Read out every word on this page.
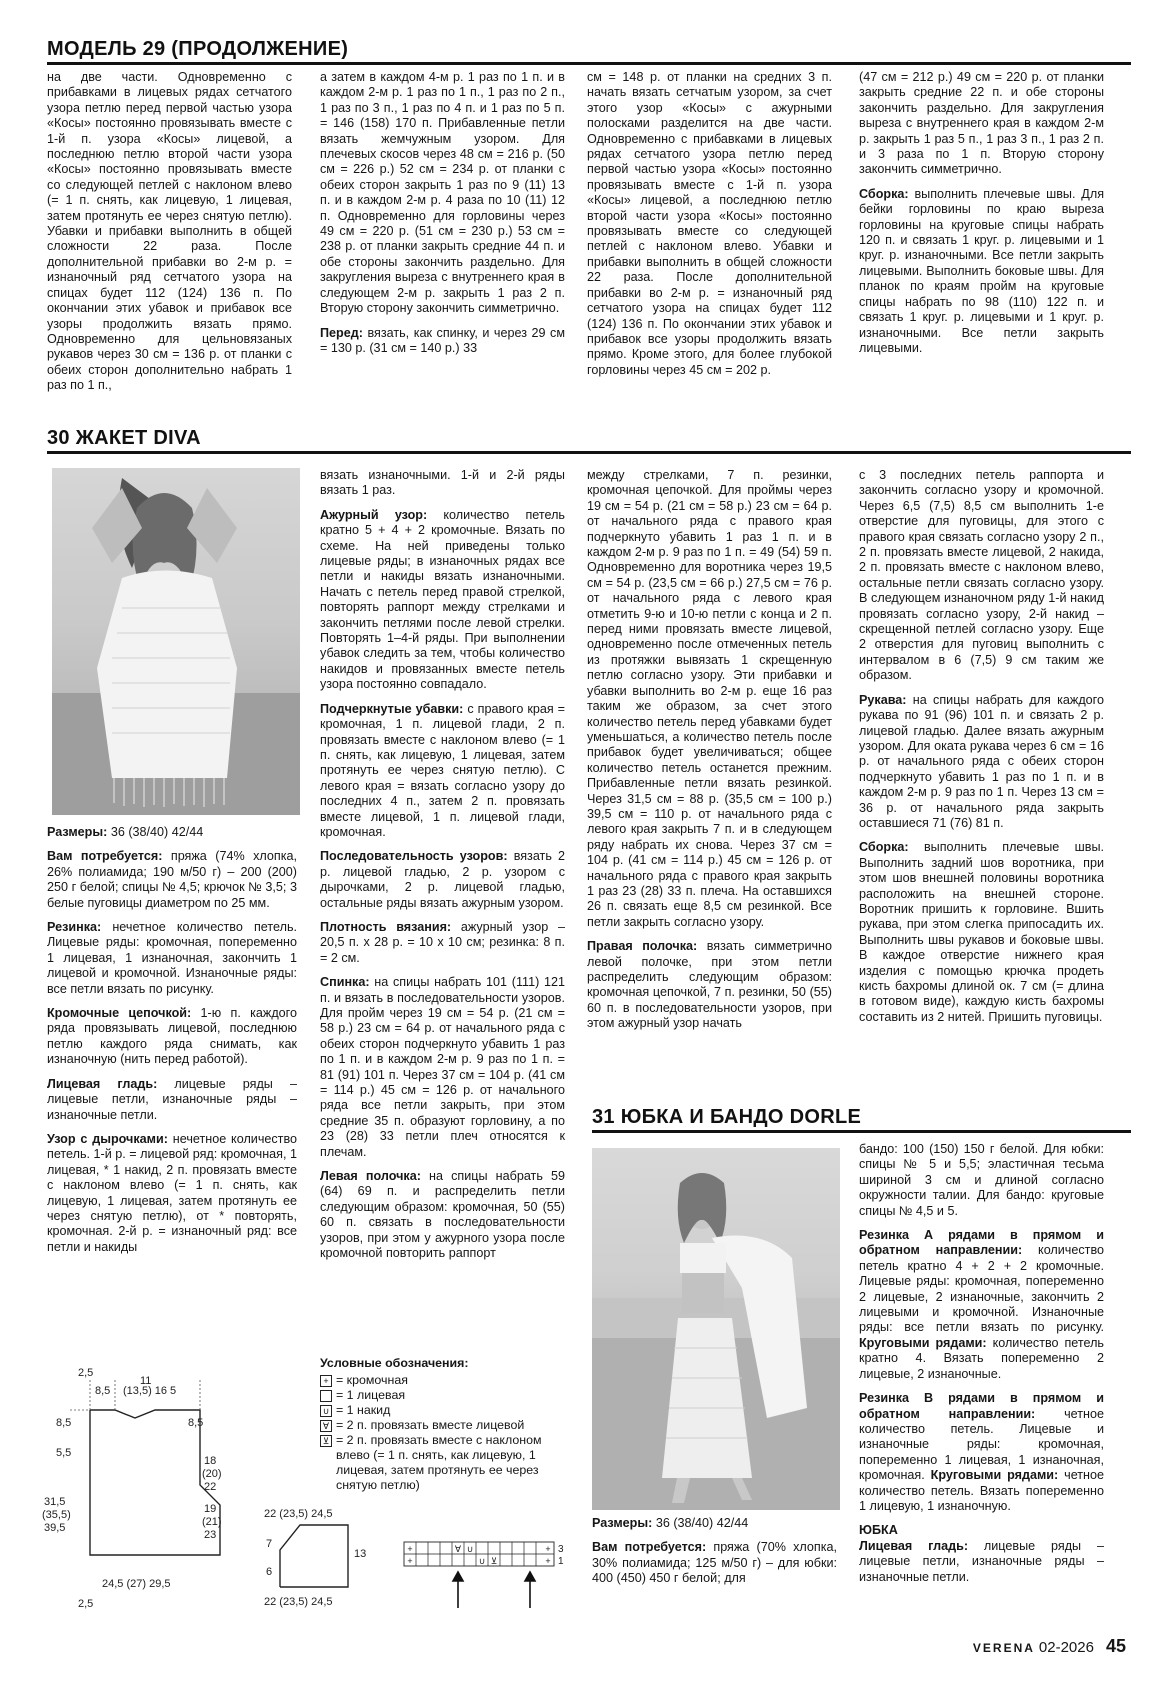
МОДЕЛЬ 29 (ПРОДОЛЖЕНИЕ)

на две части. Одновременно с прибавками в лицевых рядах сетчатого узора петлю перед первой частью узора «Косы» постоянно провязывать вместе с 1-й п. узора «Косы» лицевой, а последнюю петлю второй части узора «Косы» постоянно провязывать вместе со следующей петлей с наклоном влево (= 1 п. снять, как лицевую, 1 лицевая, затем протянуть ее через снятую петлю). Убавки и прибавки выполнить в общей сложности 22 раза. После дополнительной прибавки во 2-м р. = изнаночный ряд сетчатого узора на спицах будет 112 (124) 136 п. По окончании этих убавок и прибавок все узоры продолжить вязать прямо. Одновременно для цельновязаных рукавов через 30 см = 136 р. от планки с обеих сторон дополнительно набрать 1 раз по 1 п.,

а затем в каждом 4-м р. 1 раз по 1 п. и в каждом 2-м р. 1 раз по 1 п., 1 раз по 2 п., 1 раз по 3 п., 1 раз по 4 п. и 1 раз по 5 п. = 146 (158) 170 п. Прибавленные петли вязать жемчужным узором. Для плечевых скосов через 48 см = 216 р. (50 см = 226 р.) 52 см = 234 р. от планки с обеих сторон закрыть 1 раз по 9 (11) 13 п. и в каждом 2-м р. 4 раза по 10 (11) 12 п. Одновременно для горловины через 49 см = 220 р. (51 см = 230 р.) 53 см = 238 р. от планки закрыть средние 44 п. и обе стороны закончить раздельно. Для закругления выреза с внутреннего края в следующем 2-м р. закрыть 1 раз 2 п. Вторую сторону закончить симметрично.

Перед: вязать, как спинку, и через 29 см = 130 р. (31 см = 140 р.) 33

см = 148 р. от планки на средних 3 п. начать вязать сетчатым узором, за счет этого узор «Косы» с ажурными полосками разделится на две части. Одновременно с прибавками в лицевых рядах сетчатого узора петлю перед первой частью узора «Косы» постоянно провязывать вместе с 1-й п. узора «Косы» лицевой, а последнюю петлю второй части узора «Косы» постоянно провязывать вместе со следующей петлей с наклоном влево. Убавки и прибавки выполнить в общей сложности 22 раза. После дополнительной прибавки во 2-м р. = изнаночный ряд сетчатого узора на спицах будет 112 (124) 136 п. По окончании этих убавок и прибавок все узоры продолжить вязать прямо. Кроме этого, для более глубокой горловины через 45 см = 202 р.

(47 см = 212 р.) 49 см = 220 р. от планки закрыть средние 22 п. и обе стороны закончить раздельно. Для закругления выреза с внутреннего края в каждом 2-м р. закрыть 1 раз 5 п., 1 раз 3 п., 1 раз 2 п. и 3 раза по 1 п. Вторую сторону закончить симметрично.

Сборка: выполнить плечевые швы. Для бейки горловины по краю выреза горловины на круговые спицы набрать 120 п. и связать 1 круг. р. лицевыми и 1 круг. р. изнаночными. Все петли закрыть лицевыми. Выполнить боковые швы. Для планок по краям пройм на круговые спицы набрать по 98 (110) 122 п. и связать 1 круг. р. лицевыми и 1 круг. р. изнаночными. Все петли закрыть лицевыми.

30 ЖАКЕТ DIVA

Размеры: 36 (38/40) 42/44

Вам потребуется: пряжа (74% хлопка, 26% полиамида; 190 м/50 г) – 200 (200) 250 г белой; спицы № 4,5; крючок № 3,5; 3 белые пуговицы диаметром по 25 мм.

Резинка: нечетное количество петель. Лицевые ряды: кромочная, попеременно 1 лицевая, 1 изнаночная, закончить 1 лицевой и кромочной. Изнаночные ряды: все петли вязать по рисунку.

Кромочные цепочкой: 1-ю п. каждого ряда провязывать лицевой, последнюю петлю каждого ряда снимать, как изнаночную (нить перед работой).

Лицевая гладь: лицевые ряды – лицевые петли, изнаночные ряды – изнаночные петли.

Узор с дырочками: нечетное количество петель. 1-й р. = лицевой ряд: кромочная, 1 лицевая, * 1 накид, 2 п. провязать вместе с наклоном влево (= 1 п. снять, как лицевую, 1 лицевая, затем протянуть ее через снятую петлю), от * повторять, кромочная. 2-й р. = изнаночный ряд: все петли и накиды

вязать изнаночными. 1-й и 2-й ряды вязать 1 раз.

Ажурный узор: количество петель кратно 5 + 4 + 2 кромочные. Вязать по схеме. На ней приведены только лицевые ряды; в изнаночных рядах все петли и накиды вязать изнаночными. Начать с петель перед правой стрелкой, повторять раппорт между стрелками и закончить петлями после левой стрелки. Повторять 1–4-й ряды. При выполнении убавок следить за тем, чтобы количество накидов и провязанных вместе петель узора постоянно совпадало.

Подчеркнутые убавки: с правого края = кромочная, 1 п. лицевой глади, 2 п. провязать вместе с наклоном влево (= 1 п. снять, как лицевую, 1 лицевая, затем протянуть ее через снятую петлю). С левого края = вязать согласно узору до последних 4 п., затем 2 п. провязать вместе лицевой, 1 п. лицевой глади, кромочная.

Последовательность узоров: вязать 2 р. лицевой гладью, 2 р. узором с дырочками, 2 р. лицевой гладью, остальные ряды вязать ажурным узором.

Плотность вязания: ажурный узор – 20,5 п. х 28 р. = 10 х 10 см; резинка: 8 п. = 2 см.

Спинка: на спицы набрать 101 (111) 121 п. и вязать в последовательности узоров. Для пройм через 19 см = 54 р. (21 см = 58 р.) 23 см = 64 р. от начального ряда с обеих сторон подчеркнуто убавить 1 раз по 1 п. и в каждом 2-м р. 9 раз по 1 п. = 81 (91) 101 п. Через 37 см = 104 р. (41 см = 114 р.) 45 см = 126 р. от начального ряда все петли закрыть, при этом средние 35 п. образуют горловину, а по 23 (28) 33 петли плеч относятся к плечам.

Левая полочка: на спицы набрать 59 (64) 69 п. и распределить петли следующим образом: кромочная, 50 (55) 60 п. связать в последовательности узоров, при этом у ажурного узора после кромочной повторить раппорт

между стрелками, 7 п. резинки, кромочная цепочкой. Для проймы через 19 см = 54 р. (21 см = 58 р.) 23 см = 64 р. от начального ряда с правого края подчеркнуто убавить 1 раз 1 п. и в каждом 2-м р. 9 раз по 1 п. = 49 (54) 59 п. Одновременно для воротника через 19,5 см = 54 р. (23,5 см = 66 р.) 27,5 см = 76 р. от начального ряда с левого края отметить 9-ю и 10-ю петли с конца и 2 п. перед ними провязать вместе лицевой, одновременно после отмеченных петель из протяжки вывязать 1 скрещенную петлю согласно узору. Эти прибавки и убавки выполнить во 2-м р. еще 16 раз таким же образом, за счет этого количество петель перед убавками будет уменьшаться, а количество петель после прибавок будет увеличиваться; общее количество петель останется прежним. Прибавленные петли вязать резинкой. Через 31,5 см = 88 р. (35,5 см = 100 р.) 39,5 см = 110 р. от начального ряда с левого края закрыть 7 п. и в следующем ряду набрать их снова. Через 37 см = 104 р. (41 см = 114 р.) 45 см = 126 р. от начального ряда с правого края закрыть 1 раз 23 (28) 33 п. плеча. На оставшихся 26 п. связать еще 8,5 см резинкой. Все петли закрыть согласно узору.

Правая полочка: вязать симметрично левой полочке, при этом петли распределить следующим образом: кромочная цепочкой, 7 п. резинки, 50 (55) 60 п. в последовательности узоров, при этом ажурный узор начать

с 3 последних петель раппорта и закончить согласно узору и кромочной. Через 6,5 (7,5) 8,5 см выполнить 1-е отверстие для пуговицы, для этого с правого края связать согласно узору 2 п., 2 п. провязать вместе лицевой, 2 накида, 2 п. провязать вместе с наклоном влево, остальные петли связать согласно узору. В следующем изнаночном ряду 1-й накид провязать согласно узору, 2-й накид – скрещенной петлей согласно узору. Еще 2 отверстия для пуговиц выполнить с интервалом в 6 (7,5) 9 см таким же образом.

Рукава: на спицы набрать для каждого рукава по 91 (96) 101 п. и связать 2 р. лицевой гладью. Далее вязать ажурным узором. Для оката рукава через 6 см = 16 р. от начального ряда с обеих сторон подчеркнуто убавить 1 раз по 1 п. и в каждом 2-м р. 9 раз по 1 п. Через 13 см = 36 р. от начального ряда закрыть оставшиеся 71 (76) 81 п.

Сборка: выполнить плечевые швы. Выполнить задний шов воротника, при этом шов внешней половины воротника расположить на внешней стороне. Воротник пришить к горловине. Вшить рукава, при этом слегка припосадить их. Выполнить швы рукавов и боковые швы. В каждое отверстие нижнего края изделия с помощью крючка продеть кисть бахромы длиной ок. 7 см (= длина в готовом виде), каждую кисть бахромы составить из 2 нитей. Пришить пуговицы.

Условные обозначения:
+ = кромочная
= 1 лицевая
∪ = 1 накид
∀ = 2 п. провязать вместе лицевой
⊻ = 2 п. провязать вместе с наклоном влево (= 1 п. снять, как лицевую, 1 лицевая, затем протянуть ее через снятую петлю)
2,5
8,5
11
(13,5) 16 5
8,5	8,5
5,5
18
(20)
22
31,5
(35,5)
39,5
19
(21)
23
24,5 (27) 29,5
2,5
22 (23,5) 24,5
7
6
13
22 (23,5) 24,5
+
+
+
+
∀ ∪
∪ ⊻
3
1
31 ЮБКА И БАНДО DORLE

Размеры: 36 (38/40) 42/44

Вам потребуется: пряжа (70% хлопка, 30% полиамида; 125 м/50 г) – для юбки: 400 (450) 450 г белой; для

бандо: 100 (150) 150 г белой. Для юбки: спицы № 5 и 5,5; эластичная тесьма шириной 3 см и длиной согласно окружности талии. Для бандо: круговые спицы № 4,5 и 5.

Резинка А рядами в прямом и обратном направлении: количество петель кратно 4 + 2 + 2 кромочные. Лицевые ряды: кромочная, попеременно 2 лицевые, 2 изнаночные, закончить 2 лицевыми и кромочной. Изнаночные ряды: все петли вязать по рисунку. Круговыми рядами: количество петель кратно 4. Вязать попеременно 2 лицевые, 2 изнаночные.

Резинка В рядами в прямом и обратном направлении: четное количество петель. Лицевые и изнаночные ряды: кромочная, попеременно 1 лицевая, 1 изнаночная, кромочная. Круговыми рядами: четное количество петель. Вязать попеременно 1 лицевую, 1 изнаночную.

ЮБКА

Лицевая гладь: лицевые ряды – лицевые петли, изнаночные ряды – изнаночные петли.

VERENA 02-2026 45
